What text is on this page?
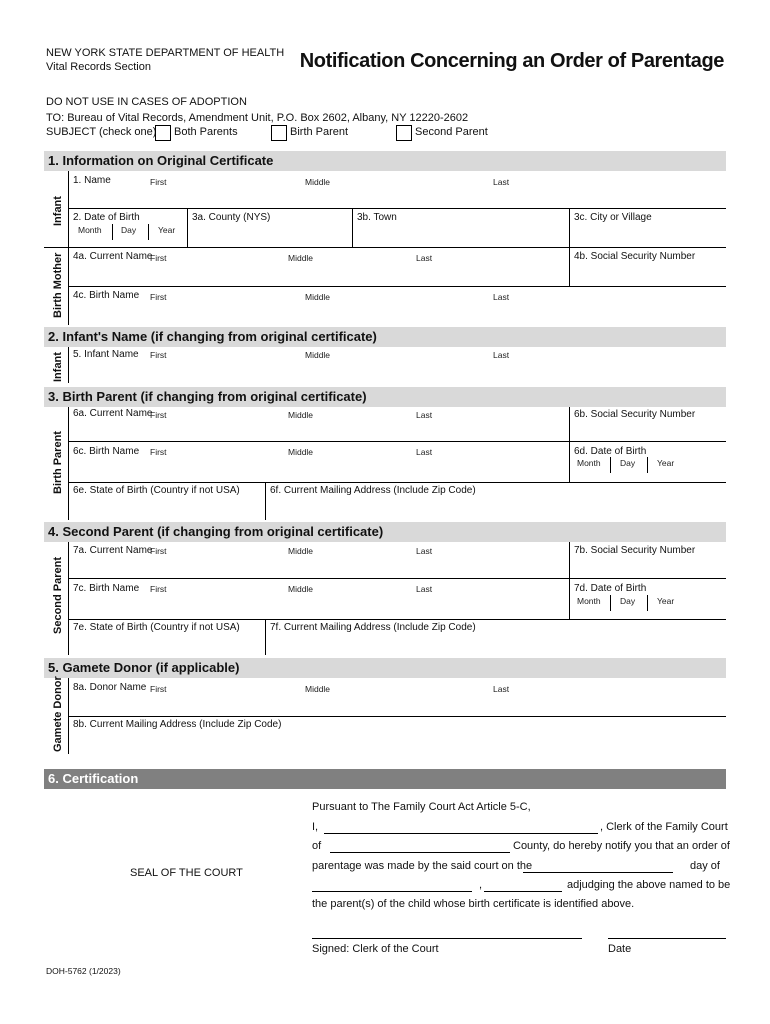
NEW YORK STATE DEPARTMENT OF HEALTH
Vital Records Section	Notification Concerning an Order of Parentage
DO NOT USE IN CASES OF ADOPTION
TO: Bureau of Vital Records, Amendment Unit, P.O. Box 2602, Albany, NY 12220-2602
SUBJECT (check one) Both Parents	Birth Parent	Second Parent
1. Information on Original Certificate
Infant
Birth Mother
1. Name	First	Middle	Last
2. Date of Birth
Month Day	Year
3a. County (NYS)	3b. Town	3c. City or Village
4a. Current Name
First	Middle	Last	4b. Social Security Number
4c. Birth Name First	Middle	Last
2. Infant's Name (if changing from original certificate)
Infant 5. Infant Name First	Middle	Last
3. Birth Parent (if changing from original certificate)
Birth Parent
6a. Current Name
First	Middle	Last	6b. Social Security Number
6c. Birth Name First	Middle	Last	6d. Date of Birth
Month Day	Year
6e. State of Birth (Country if not USA)	6f. Current Mailing Address (Include Zip Code)
4. Second Parent (if changing from original certificate)
Second Parent
7a. Current Name
First	Middle	Last	7b. Social Security Number
7c. Birth Name First	Middle	Last	7d. Date of Birth
Month Day	Year
7e. State of Birth (Country if not USA)	7f. Current Mailing Address (Include Zip Code)
5. Gamete Donor (if applicable)
Gamete Donor 8a. Donor Name First	Middle	Last
8b. Current Mailing Address (Include Zip Code)
6. Certification
SEAL OF THE COURT
Pursuant to The Family Court Act Article 5-C,
I,	, Clerk of the Family Court
of	County, do hereby notify you that an order of
parentage was made by the said court on the	day of
,	adjudging the above named to be
the parent(s) of the child whose birth certificate is identified above.
Signed: Clerk of the Court	Date
DOH-5762 (1/2023)
